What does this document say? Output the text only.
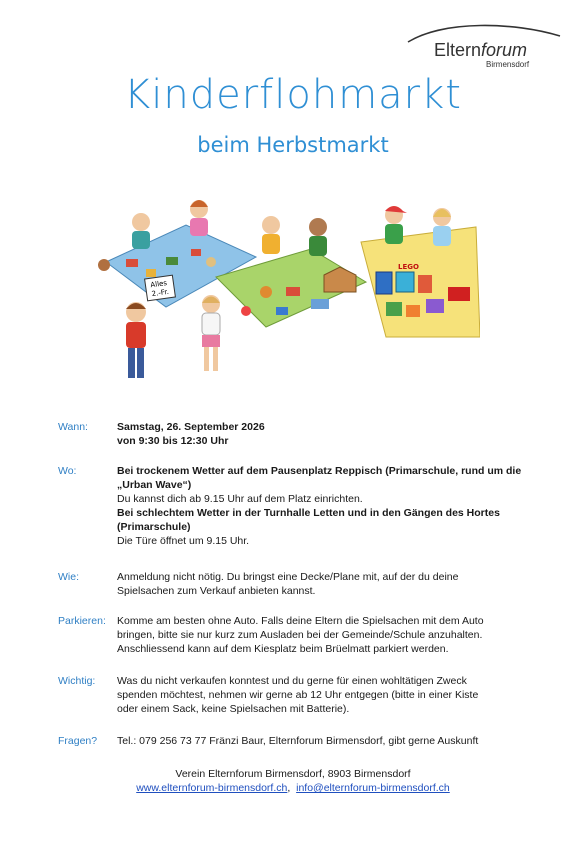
Elternforum
Birmensdorf
Kinderflohmarkt
beim Herbstmarkt
Alles
2.-Fr.
LEGO
Wann:	Samstag, 26. September 2026
von 9:30 bis 12:30 Uhr
Wo:	Bei trockenem Wetter auf dem Pausenplatz Reppisch (Primarschule, rund um die
„Urban Wave“)
Du kannst dich ab 9.15 Uhr auf dem Platz einrichten.
Bei schlechtem Wetter in der Turnhalle Letten und in den Gängen des Hortes
(Primarschule)
Die Türe öffnet um 9.15 Uhr.
Wie:	Anmeldung nicht nötig. Du bringst eine Decke/Plane mit, auf der du deine
Spielsachen zum Verkauf anbieten kannst.
Parkieren: Komme am besten ohne Auto. Falls deine Eltern die Spielsachen mit dem Auto
bringen, bitte sie nur kurz zum Ausladen bei der Gemeinde/Schule anzuhalten.
Anschliessend kann auf dem Kiesplatz beim Brüelmatt parkiert werden.
Wichtig: Was du nicht verkaufen konntest und du gerne für einen wohltätigen Zweck
spenden möchtest, nehmen wir gerne ab 12 Uhr entgegen (bitte in einer Kiste
oder einem Sack, keine Spielsachen mit Batterie).
Fragen? Tel.: 079 256 73 77 Fränzi Baur, Elternforum Birmensdorf, gibt gerne Auskunft
Verein Elternforum Birmensdorf, 8903 Birmensdorf
www.elternforum-birmensdorf.ch, info@elternforum-birmensdorf.ch
